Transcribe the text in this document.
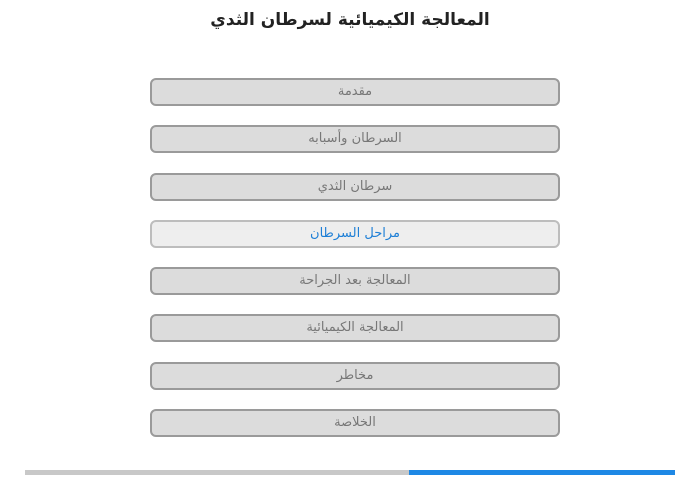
المعالجة الكيميائية لسرطان الثدي
مقدمة
السرطان وأسبابه
سرطان الثدي
مراحل السرطان
المعالجة بعد الجراحة
المعالجة الكيميائية
مخاطر
الخلاصة
